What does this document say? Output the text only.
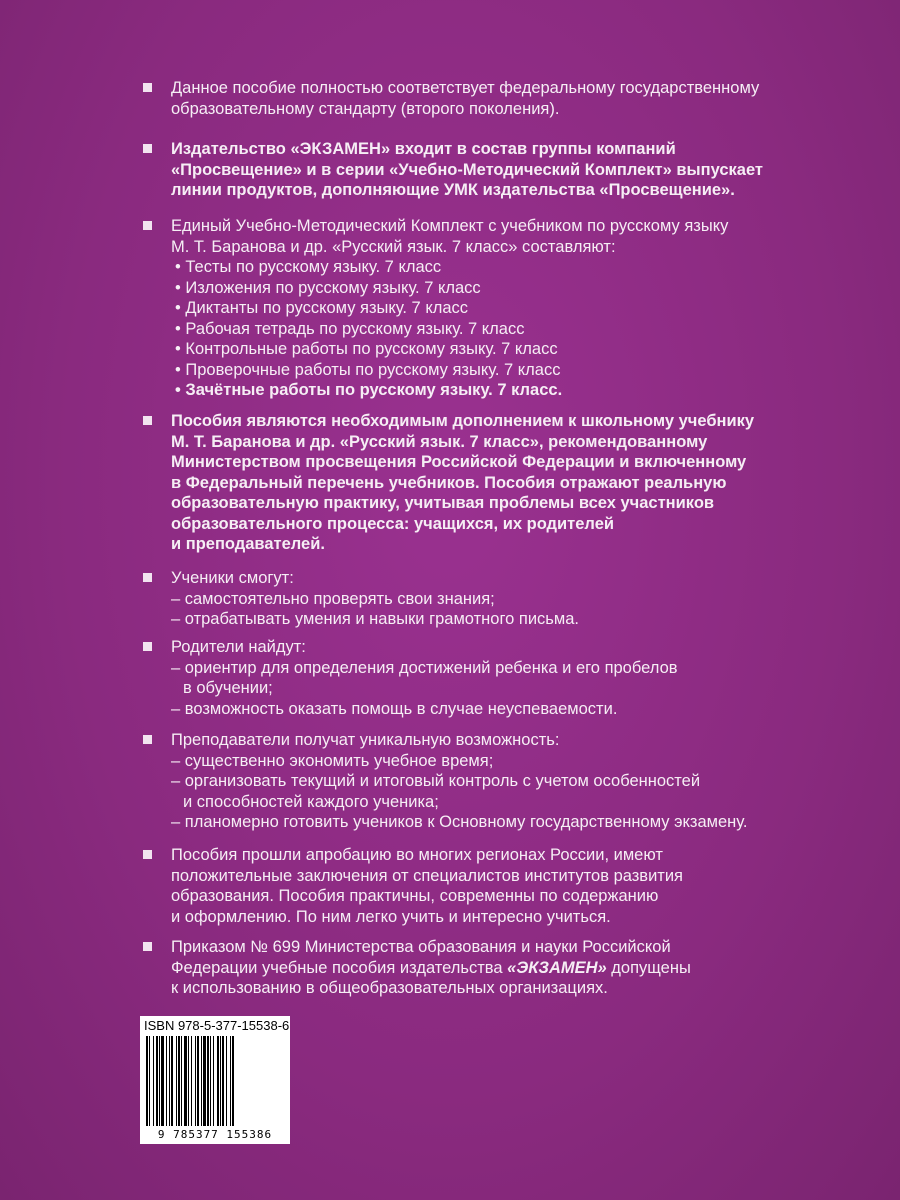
Данное пособие полностью соответствует федеральному государственному
образовательному стандарту (второго поколения).
Издательство «ЭКЗАМЕН» входит в состав группы компаний
«Просвещение» и в серии «Учебно-Методический Комплект» выпускает
линии продуктов, дополняющие УМК издательства «Просвещение».
Единый Учебно-Методический Комплект с учебником по русскому языку
М. Т. Баранова и др. «Русский язык. 7 класс» составляют:
• Тесты по русскому языку. 7 класс
• Изложения по русскому языку. 7 класс
• Диктанты по русскому языку. 7 класс
• Рабочая тетрадь по русскому языку. 7 класс
• Контрольные работы по русскому языку. 7 класс
• Проверочные работы по русскому языку. 7 класс
• Зачётные работы по русскому языку. 7 класс.
Пособия являются необходимым дополнением к школьному учебнику
М. Т. Баранова и др. «Русский язык. 7 класс», рекомендованному
Министерством просвещения Российской Федерации и включенному
в Федеральный перечень учебников. Пособия отражают реальную
образовательную практику, учитывая проблемы всех участников
образовательного процесса: учащихся, их родителей
и преподавателей.
Ученики смогут:
– самостоятельно проверять свои знания;
– отрабатывать умения и навыки грамотного письма.
Родители найдут:
– ориентир для определения достижений ребенка и его пробелов
в обучении;
– возможность оказать помощь в случае неуспеваемости.
Преподаватели получат уникальную возможность:
– существенно экономить учебное время;
– организовать текущий и итоговый контроль с учетом особенностей
и способностей каждого ученика;
– планомерно готовить учеников к Основному государственному экзамену.
Пособия прошли апробацию во многих регионах России, имеют
положительные заключения от специалистов институтов развития
образования. Пособия практичны, современны по содержанию
и оформлению. По ним легко учить и интересно учиться.
Приказом № 699 Министерства образования и науки Российской
Федерации учебные пособия издательства «ЭКЗАМЕН» допущены
к использованию в общеобразовательных организациях.
ISBN 978-5-377-15538-6
9 785377 155386
